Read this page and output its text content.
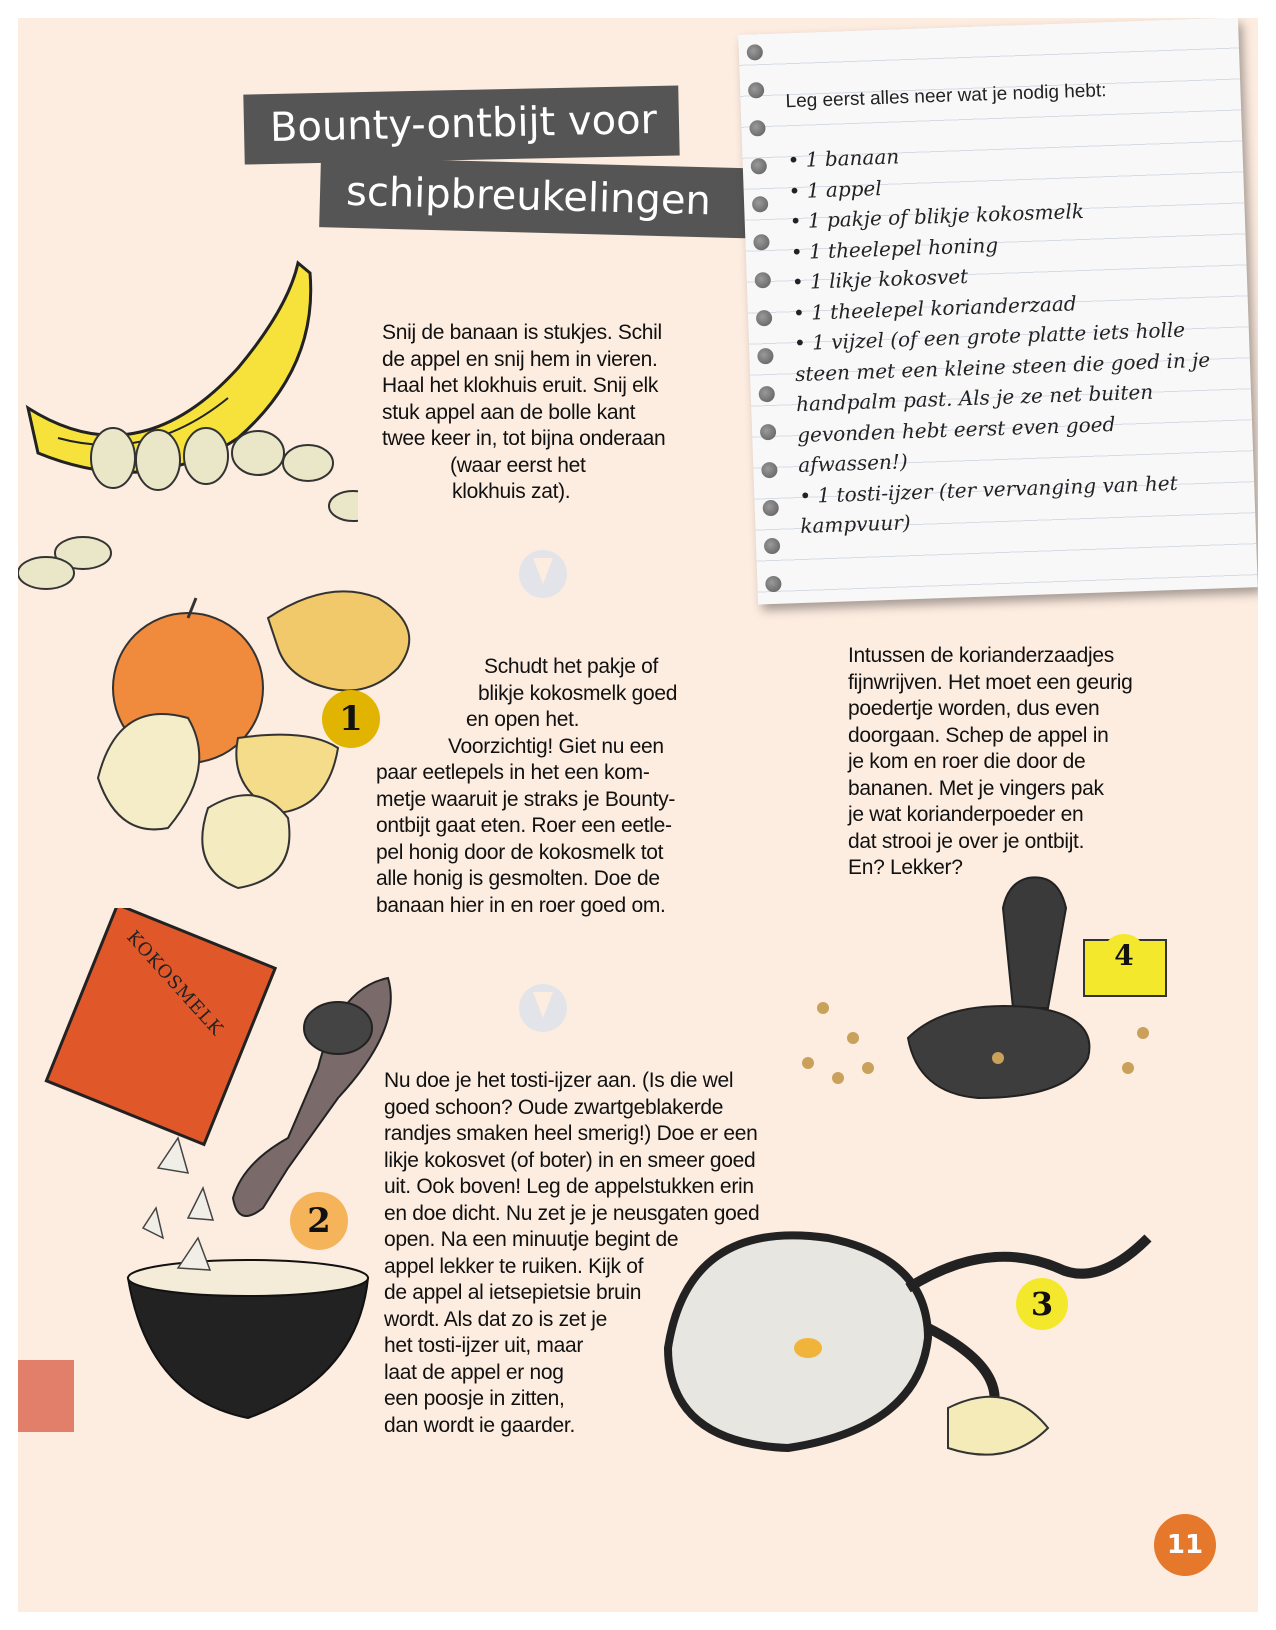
Bounty-ontbijt voor
schipbreukelingen
Leg eerst alles neer wat je nodig hebt:
• 1 banaan
• 1 appel
• 1 pakje of blikje kokosmelk
• 1 theelepel honing
• 1 likje kokosvet
• 1 theelepel korianderzaad
• 1 vijzel (of een grote platte iets holle steen met een kleine steen die goed in je handpalm past. Als je ze net buiten gevonden hebt eerst even goed afwassen!)
• 1 tosti-ijzer (ter vervanging van het kampvuur)
Snij de banaan is stukjes. Schil
de appel en snij hem in vieren.
Haal het klokhuis eruit. Snij elk
stuk appel aan de bolle kant
twee keer in, tot bijna onderaan
(waar eerst het
klokhuis zat).
1
Schudt het pakje of
blikje kokosmelk goed
en open het.
Voorzichtig! Giet nu een
paar eetlepels in het een kom-
metje waaruit je straks je Bounty-
ontbijt gaat eten. Roer een eetle-
pel honig door de kokosmelk tot
alle honig is gesmolten. Doe de
banaan hier in en roer goed om.
Intussen de korianderzaadjes
fijnwrijven. Het moet een geurig
poedertje worden, dus even
doorgaan. Schep de appel in
je kom en roer die door de
bananen. Met je vingers pak
je wat korianderpoeder en
dat strooi je over je ontbijt.
En? Lekker?
4
KOKOSMELK
2
Nu doe je het tosti-ijzer aan. (Is die wel
goed schoon? Oude zwartgeblakerde
randjes smaken heel smerig!) Doe er een
likje kokosvet (of boter) in en smeer goed
uit. Ook boven! Leg de appelstukken erin
en doe dicht. Nu zet je je neusgaten goed
open. Na een minuutje begint de
appel lekker te ruiken. Kijk of
de appel al ietsepietsie bruin
wordt. Als dat zo is zet je
het tosti-ijzer uit, maar
laat de appel er nog
een poosje in zitten,
dan wordt ie gaarder.
3
11
